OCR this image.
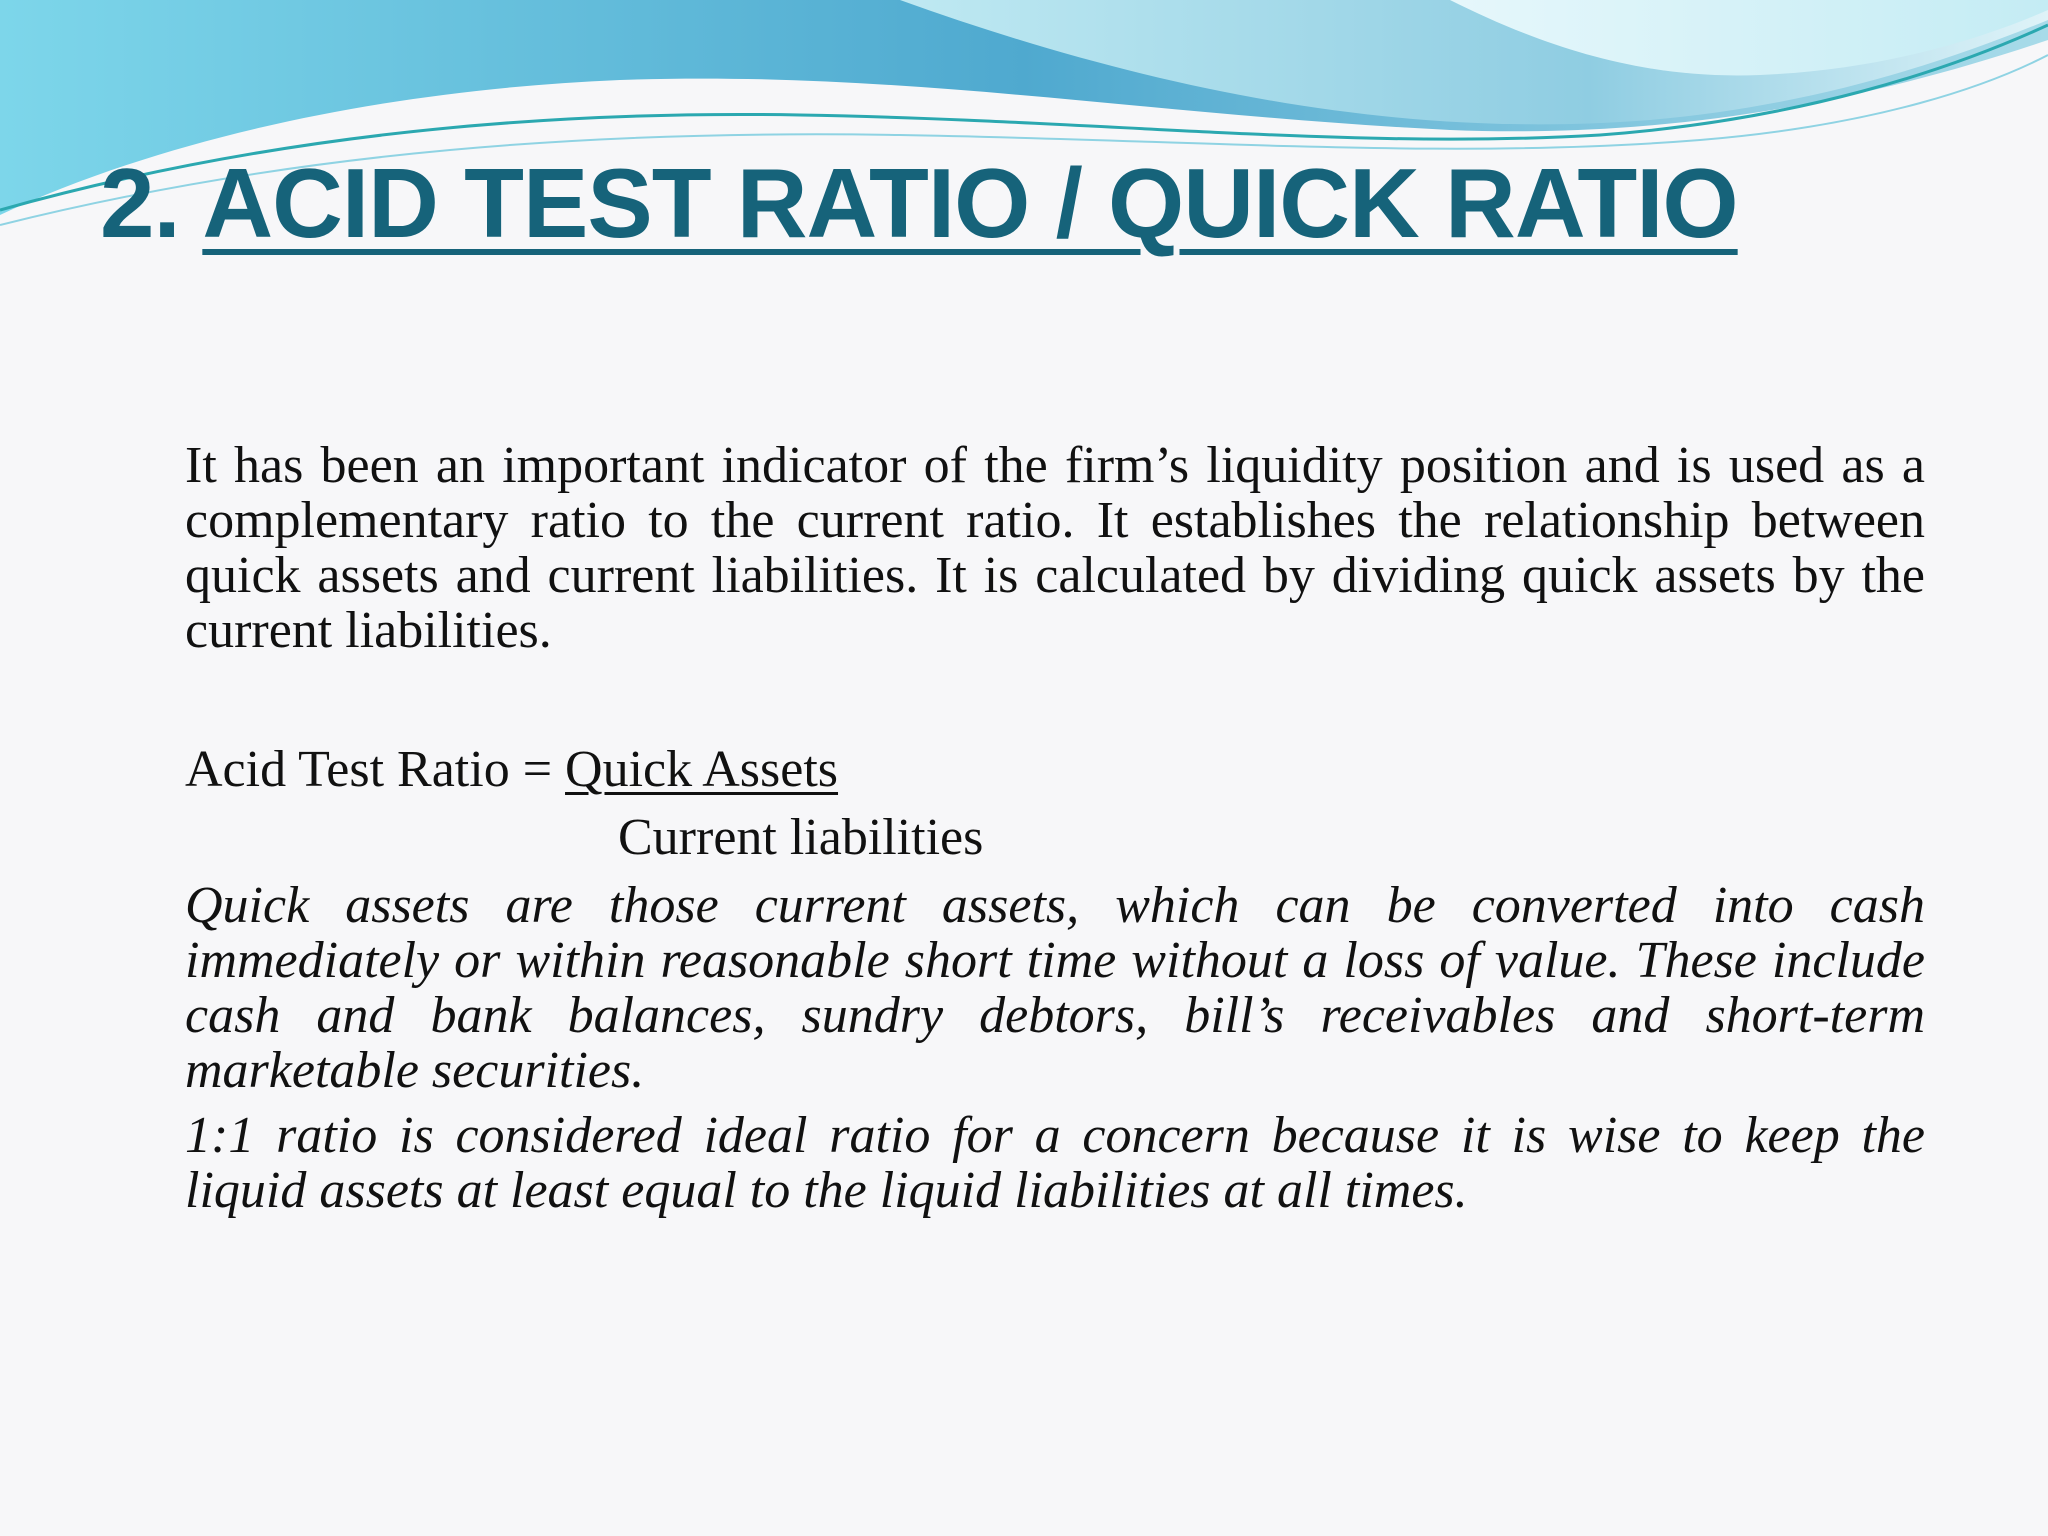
2. ACID TEST RATIO / QUICK RATIO

It has been an important indicator of the firm’s liquidity position and is used as a complementary ratio to the current ratio. It establishes the relationship between quick assets and current liabilities. It is calculated by dividing quick assets by the current liabilities.

Acid Test Ratio = Quick Assets
Current liabilities

Quick assets are those current assets, which can be converted into cash immediately or within reasonable short time without a loss of value. These include cash and bank balances, sundry debtors, bill’s receivables and short-term marketable securities.

1:1 ratio is considered ideal ratio for a concern because it is wise to keep the liquid assets at least equal to the liquid liabilities at all times.
